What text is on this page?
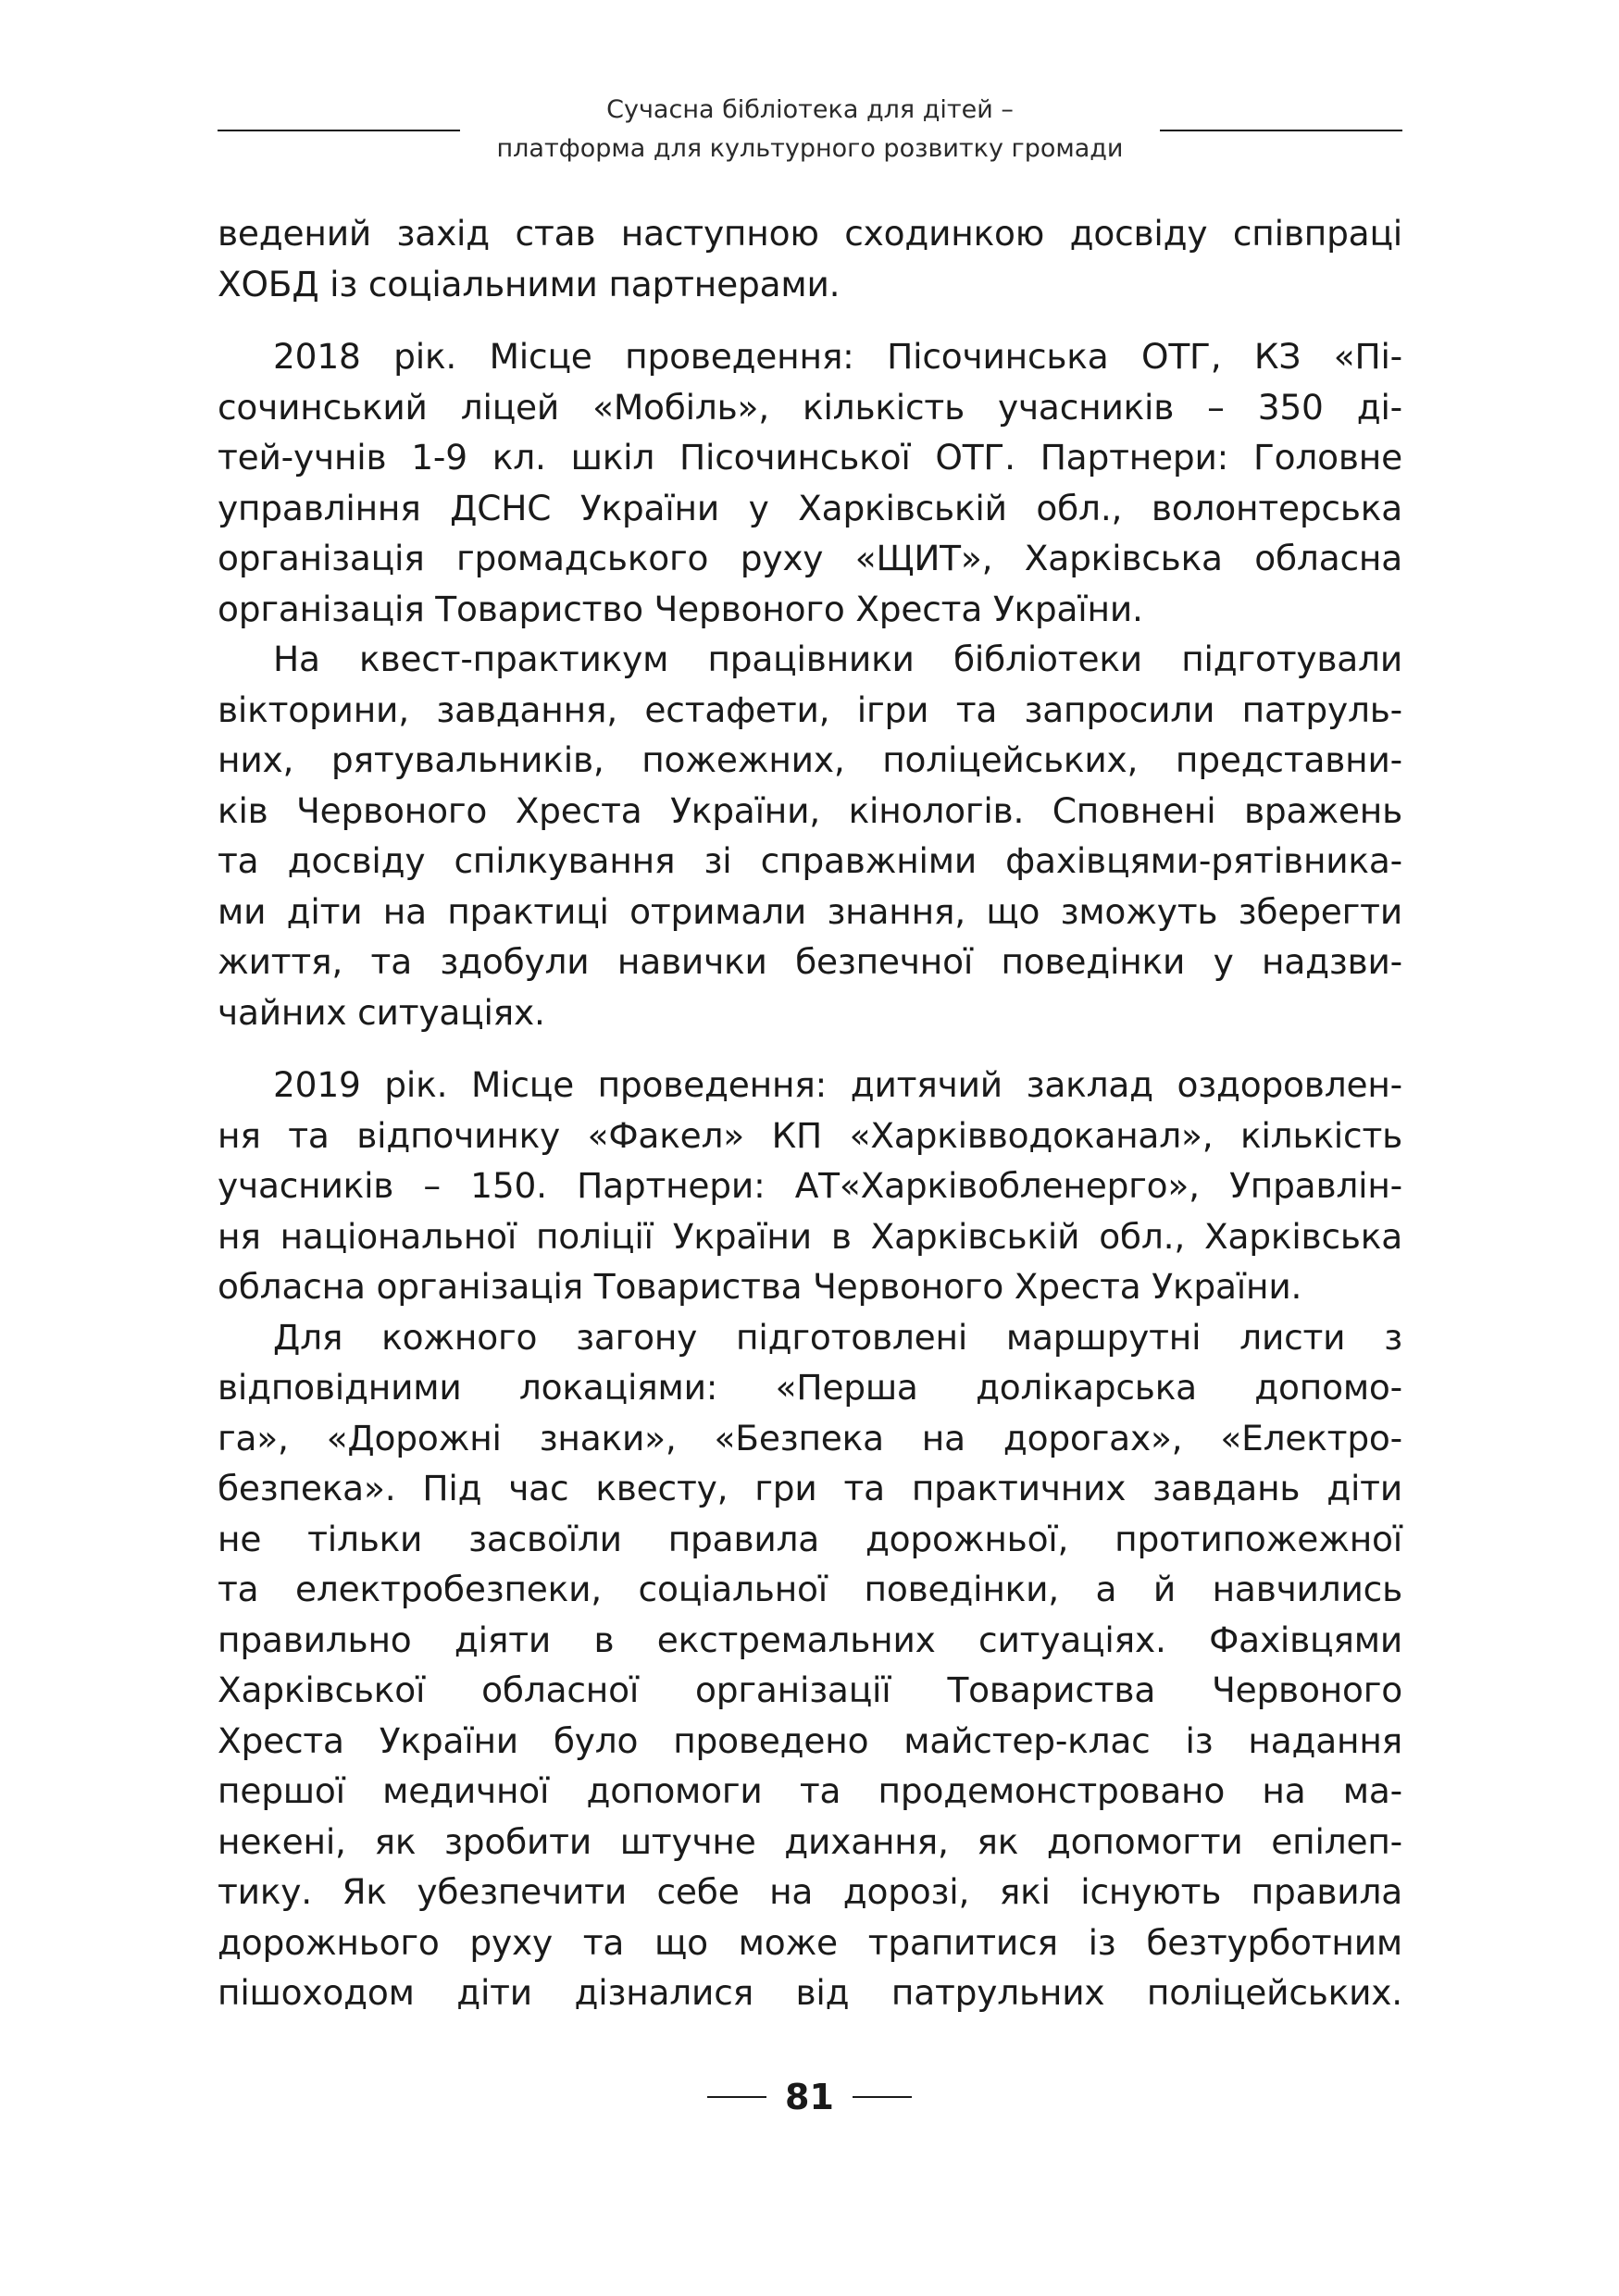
Сучасна бібліотека для дітей –
платформа для культурного розвитку громади

ведений захід став наступною сходинкою досвіду співпраці
ХОБД із соціальними партнерами.

2018 рік. Місце проведення: Пісочинська ОТГ, КЗ «Пі-
сочинський ліцей «Мобіль», кількість учасників – 350 ді-
тей-учнів 1-9 кл. шкіл Пісочинської ОТГ. Партнери: Головне
управління ДСНС України у Харківській обл., волонтерська
організація громадського руху «ЩИТ», Харківська обласна
організація Товариство Червоного Хреста України.

На квест-практикум працівники бібліотеки підготували
вікторини, завдання, естафети, ігри та запросили патруль-
них, рятувальників, пожежних, поліцейських, представни-
ків Червоного Хреста України, кінологів. Сповнені вражень
та досвіду спілкування зі справжніми фахівцями-рятівника-
ми діти на практиці отримали знання, що зможуть зберегти
життя, та здобули навички безпечної поведінки у надзви-
чайних ситуаціях.

2019 рік. Місце проведення: дитячий заклад оздоровлен-
ня та відпочинку «Факел» КП «Харківводоканал», кількість
учасників – 150. Партнери: АТ«Харківобленерго», Управлін-
ня національної поліції України в Харківській обл., Харківська
обласна організація Товариства Червоного Хреста України.

Для кожного загону підготовлені маршрутні листи з
відповідними локаціями: «Перша долікарська допомо-
га», «Дорожні знаки», «Безпека на дорогах», «Електро-
безпека». Під час квесту, гри та практичних завдань діти
не тільки засвоїли правила дорожньої, протипожежної
та електробезпеки, соціальної поведінки, а й навчились
правильно діяти в екстремальних ситуаціях. Фахівцями
Харківської обласної організації Товариства Червоного
Хреста України було проведено майстер-клас із надання
першої медичної допомоги та продемонстровано на ма-
некені, як зробити штучне дихання, як допомогти епілеп-
тику. Як убезпечити себе на дорозі, які існують правила
дорожнього руху та що може трапитися із безтурботним
пішоходом діти дізналися від патрульних поліцейських.

81
